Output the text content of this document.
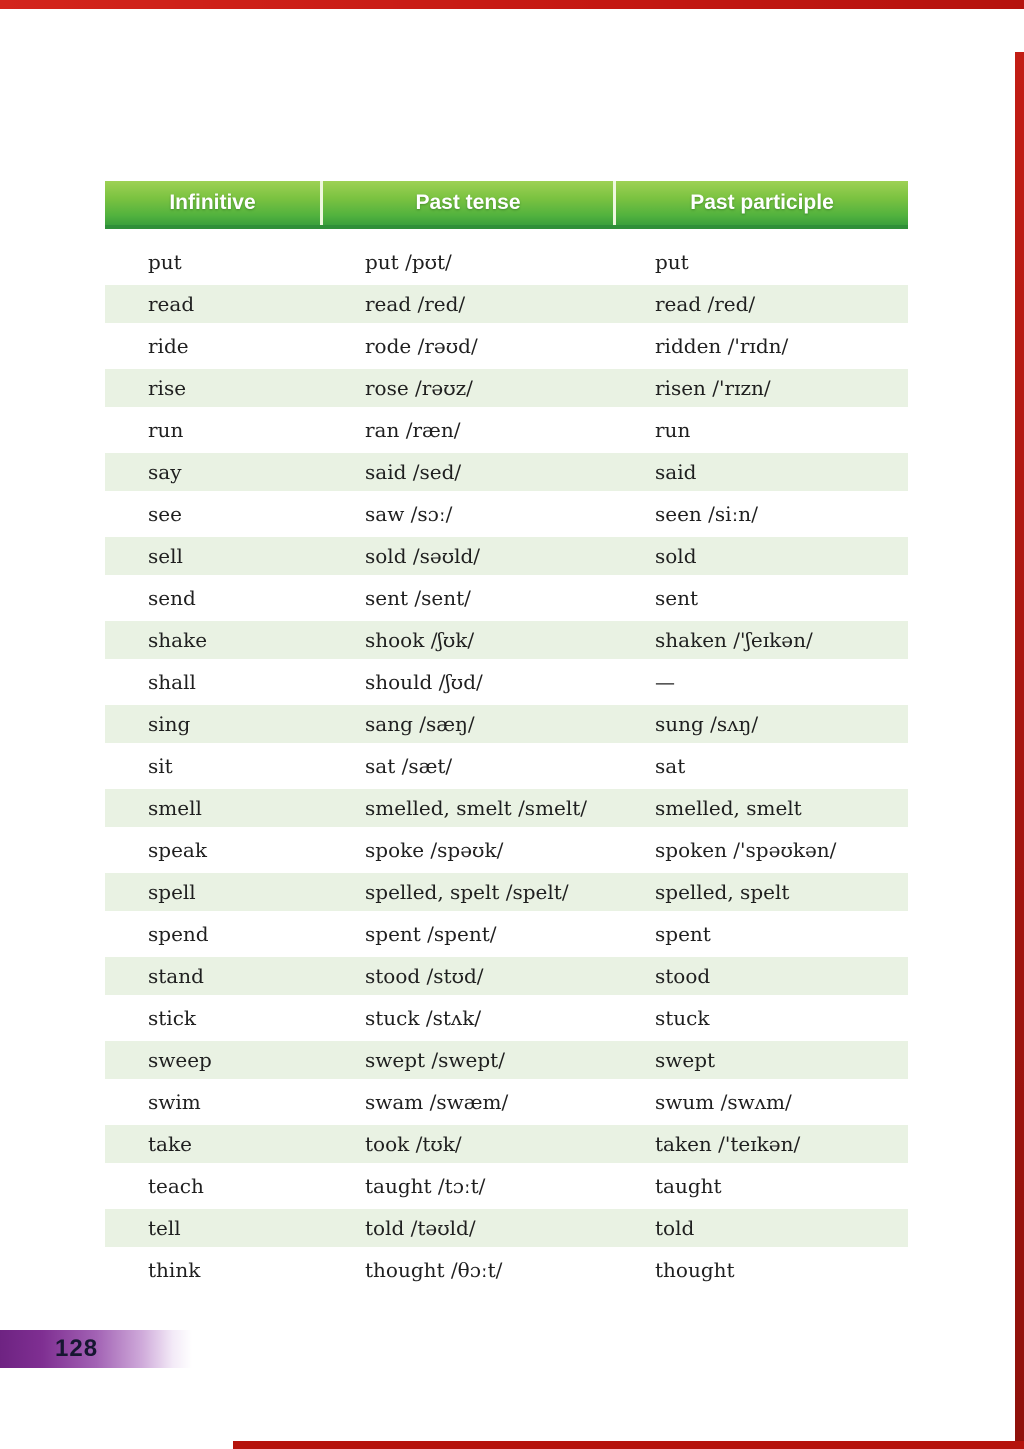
Infinitive	Past tense	Past participle
put	put /pʊt/	put
read	read /red/	read /red/
ride	rode /rəʊd/	ridden /'rɪdn/
rise	rose /rəʊz/	risen /'rɪzn/
run	ran /ræn/	run
say	said /sed/	said
see	saw /sɔː/	seen /siːn/
sell	sold /səʊld/	sold
send	sent /sent/	sent
shake	shook /ʃʊk/	shaken /'ʃeɪkən/
shall	should /ʃʊd/	—
sing	sang /sæŋ/	sung /sʌŋ/
sit	sat /sæt/	sat
smell	smelled, smelt /smelt/	smelled, smelt
speak	spoke /spəʊk/	spoken /'spəʊkən/
spell	spelled, spelt /spelt/	spelled, spelt
spend	spent /spent/	spent
stand	stood /stʊd/	stood
stick	stuck /stʌk/	stuck
sweep	swept /swept/	swept
swim	swam /swæm/	swum /swʌm/
take	took /tʊk/	taken /'teɪkən/
teach	taught /tɔːt/	taught
tell	told /təʊld/	told
think	thought /θɔːt/	thought
128
